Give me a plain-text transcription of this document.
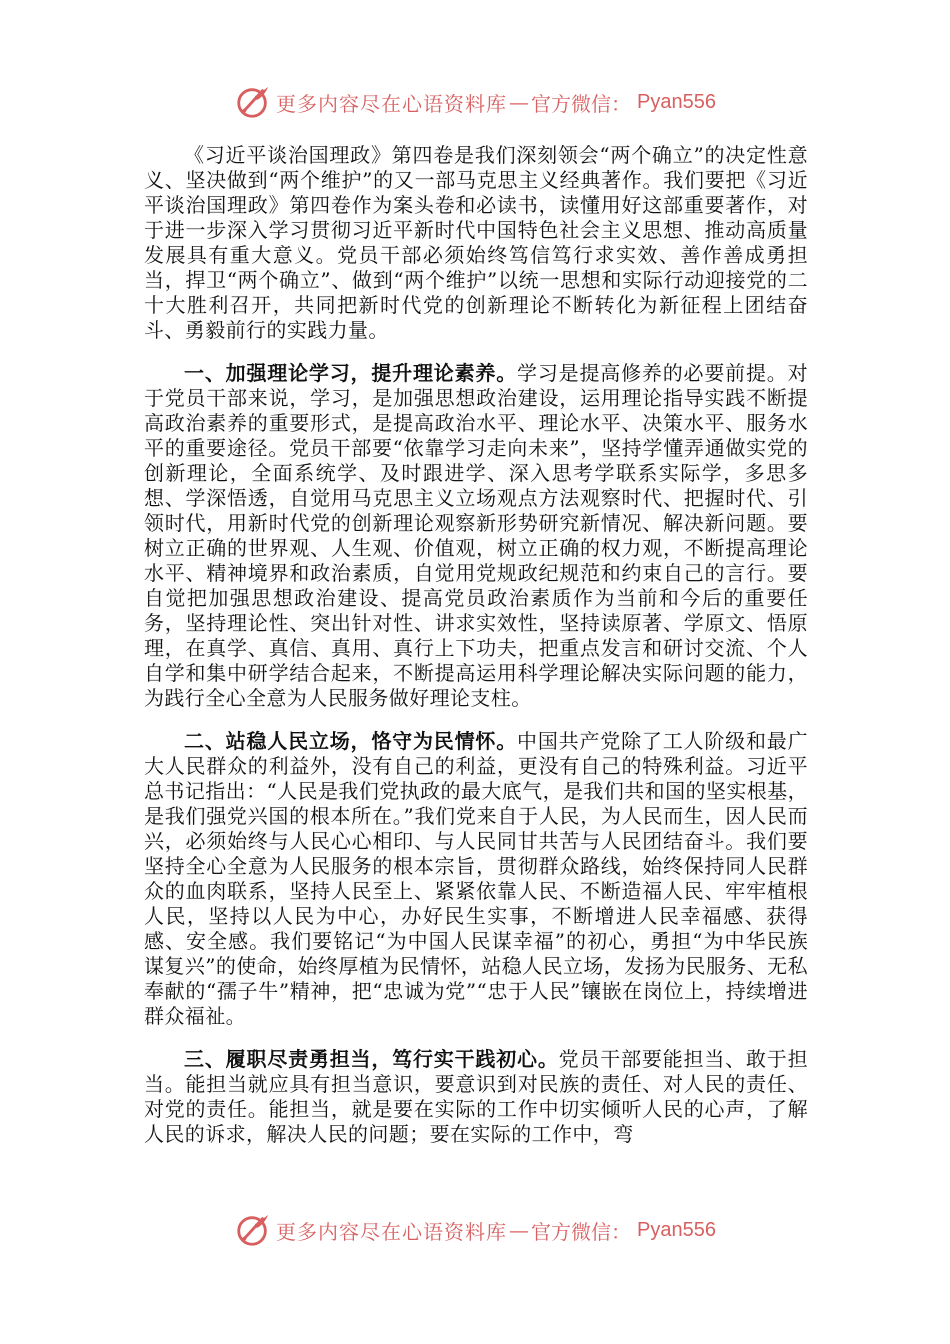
更多内容尽在心语资料库 — 官方微信： Pyan556

《习近平谈治国理政》第四卷是我们深刻领会“两个确立”的决定性意义、坚决做到“两个维护”的又一部马克思主义经典著作。我们要把《习近平谈治国理政》第四卷作为案头卷和必读书，读懂用好这部重要著作，对于进一步深入学习贯彻习近平新时代中国特色社会主义思想、推动高质量发展具有重大意义。党员干部必须始终笃信笃行求实效、善作善成勇担当，捍卫“两个确立”、做到“两个维护”以统一思想和实际行动迎接党的二十大胜利召开，共同把新时代党的创新理论不断转化为新征程上团结奋斗、勇毅前行的实践力量。

一、加强理论学习，提升理论素养。学习是提高修养的必要前提。对于党员干部来说，学习，是加强思想政治建设，运用理论指导实践不断提高政治素养的重要形式，是提高政治水平、理论水平、决策水平、服务水平的重要途径。党员干部要“依靠学习走向未来”，坚持学懂弄通做实党的创新理论，全面系统学、及时跟进学、深入思考学联系实际学，多思多想、学深悟透，自觉用马克思主义立场观点方法观察时代、把握时代、引领时代，用新时代党的创新理论观察新形势研究新情况、解决新问题。要树立正确的世界观、人生观、价值观，树立正确的权力观，不断提高理论水平、精神境界和政治素质，自觉用党规政纪规范和约束自己的言行。要自觉把加强思想政治建设、提高党员政治素质作为当前和今后的重要任务，坚持理论性、突出针对性、讲求实效性，坚持读原著、学原文、悟原理，在真学、真信、真用、真行上下功夫，把重点发言和研讨交流、个人自学和集中研学结合起来，不断提高运用科学理论解决实际问题的能力，为践行全心全意为人民服务做好理论支柱。

二、站稳人民立场，恪守为民情怀。中国共产党除了工人阶级和最广大人民群众的利益外，没有自己的利益，更没有自己的特殊利益。习近平总书记指出：“人民是我们党执政的最大底气，是我们共和国的坚实根基，是我们强党兴国的根本所在。”我们党来自于人民，为人民而生，因人民而兴，必须始终与人民心心相印、与人民同甘共苦与人民团结奋斗。我们要坚持全心全意为人民服务的根本宗旨，贯彻群众路线，始终保持同人民群众的血肉联系，坚持人民至上、紧紧依靠人民、不断造福人民、牢牢植根人民，坚持以人民为中心，办好民生实事，不断增进人民幸福感、获得感、安全感。我们要铭记“为中国人民谋幸福”的初心，勇担“为中华民族谋复兴”的使命，始终厚植为民情怀，站稳人民立场，发扬为民服务、无私奉献的“孺子牛”精神，把“忠诚为党”“忠于人民”镶嵌在岗位上，持续增进群众福祉。

三、履职尽责勇担当，笃行实干践初心。党员干部要能担当、敢于担当。能担当就应具有担当意识，要意识到对民族的责任、对人民的责任、对党的责任。能担当，就是要在实际的工作中切实倾听人民的心声，了解人民的诉求，解决人民的问题；要在实际的工作中，弯

更多内容尽在心语资料库 — 官方微信： Pyan556
